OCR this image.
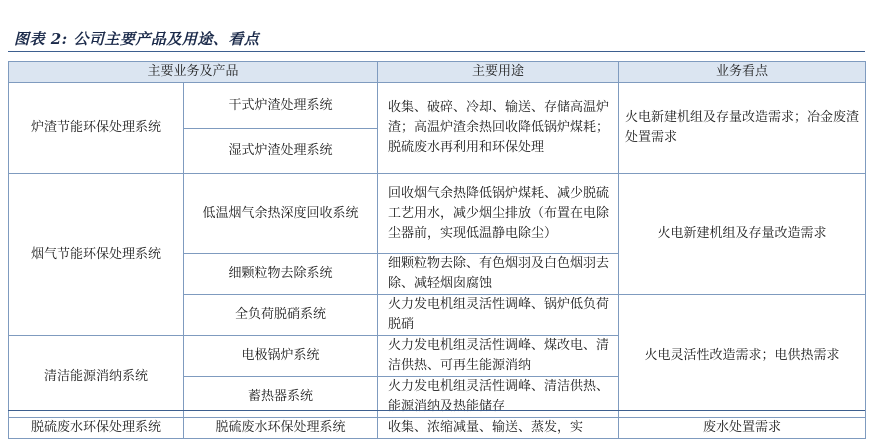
图表 2: 公司主要产品及用途、看点
主要业务及产品		主要用途	业务看点
炉渣节能环保处理系统	干式炉渣处理系统	收集、破碎、冷却、输送、存储高温炉渣；高温炉渣余热回收降低锅炉煤耗；脱硫废水再利用和环保处理	火电新建机组及存量改造需求；冶金废渣处置需求
	湿式炉渣处理系统		
烟气节能环保处理系统	低温烟气余热深度回收系统	回收烟气余热降低锅炉煤耗、减少脱硫工艺用水，减少烟尘排放（布置在电除尘器前，实现低温静电除尘）	火电新建机组及存量改造需求
	细颗粒物去除系统	细颗粒物去除、有色烟羽及白色烟羽去除、减轻烟囱腐蚀	
	全负荷脱硝系统	火力发电机组灵活性调峰、锅炉低负荷脱硝	火电灵活性改造需求；电供热需求
清洁能源消纳系统	电极锅炉系统	火力发电机组灵活性调峰、煤改电、清洁供热、可再生能源消纳	
	蓄热器系统	火力发电机组灵活性调峰、清洁供热、能源消纳及热能储存	
脱硫废水环保处理系统	脱硫废水环保处理系统	收集、浓缩减量、输送、蒸发，实	废水处置需求
